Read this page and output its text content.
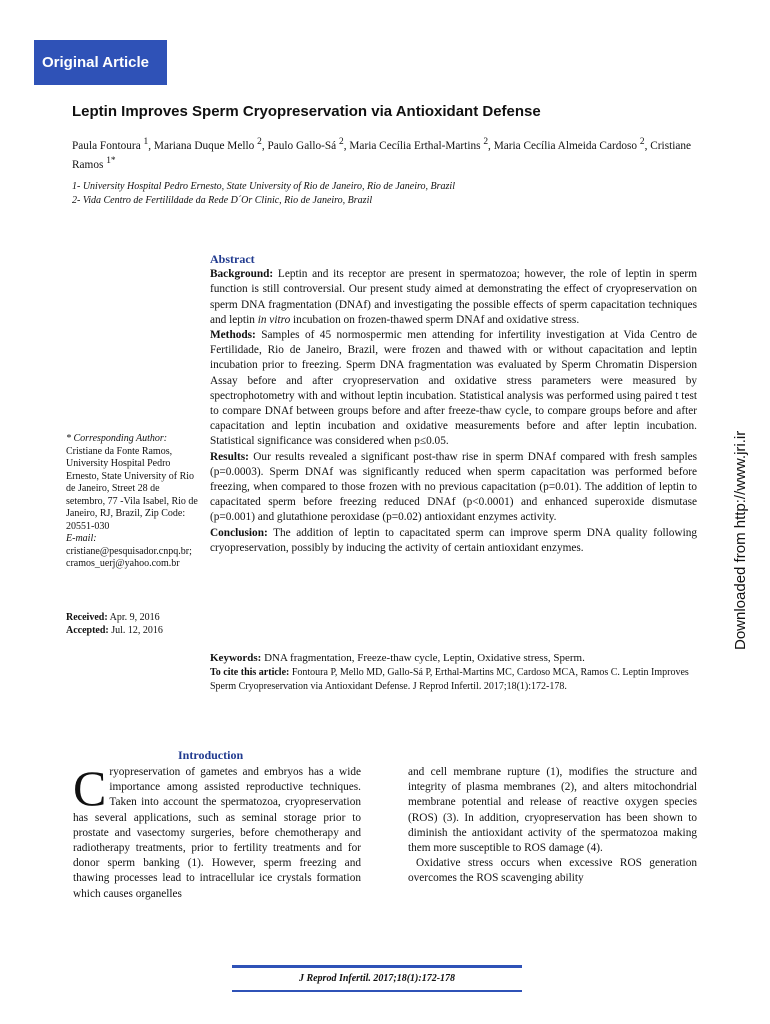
Original Article
Leptin Improves Sperm Cryopreservation via Antioxidant Defense
Paula Fontoura $^1$, Mariana Duque Mello $^2$, Paulo Gallo-Sá $^2$, Maria Cecília Erthal-Martins $^2$, Maria Cecília Almeida Cardoso $^2$, Cristiane Ramos $^{1*}$
1- University Hospital Pedro Ernesto, State University of Rio de Janeiro, Rio de Janeiro, Brazil
2- Vida Centro de Fertilildade da Rede D´Or Clinic, Rio de Janeiro, Brazil
Downloaded from http://www.jri.ir
Abstract

Background: Leptin and its receptor are present in spermatozoa; however, the role of leptin in sperm function is still controversial. Our present study aimed at demonstrating the effect of cryopreservation on sperm DNA fragmentation (DNAf) and investigating the possible effects of sperm capacitation techniques and leptin in vitro incubation on frozen-thawed sperm DNAf and oxidative stress.

Methods: Samples of 45 normospermic men attending for infertility investigation at Vida Centro de Fertilidade, Rio de Janeiro, Brazil, were frozen and thawed with or without capacitation and leptin incubation prior to freezing. Sperm DNA fragmentation was evaluated by Sperm Chromatin Dispersion Assay before and after cryopreservation and oxidative stress parameters were measured by spectrophotometry with and without leptin incubation. Statistical analysis was performed using paired t test to compare DNAf between groups before and after freeze-thaw cycle, to compare groups before and after capacitation and leptin incubation and oxidative measurements before and after leptin incubation. Statistical significance was considered when p≤0.05.

Results: Our results revealed a significant post-thaw rise in sperm DNAf compared with fresh samples (p=0.0003). Sperm DNAf was significantly reduced when sperm capacitation was performed before freezing, when compared to those frozen with no previous capacitation (p=0.01). The addition of leptin to capacitated sperm before freezing reduced DNAf (p<0.0001) and enhanced superoxide dismutase (p=0.001) and glutathione peroxidase (p=0.02) antioxidant enzymes activity.

Conclusion: The addition of leptin to capacitated sperm can improve sperm DNA quality following cryopreservation, possibly by inducing the activity of certain antioxidant enzymes.

* Corresponding Author:
Cristiane da Fonte Ramos, University Hospital Pedro Ernesto, State University of Rio de Janeiro, Street 28 de setembro, 77 -Vila Isabel, Rio de Janeiro, RJ, Brazil, Zip Code: 20551-030
E-mail:
cristiane@pesquisador.cnpq.br; cramos_uerj@yahoo.com.br
Received: Apr. 9, 2016
Accepted: Jul. 12, 2016
Keywords: DNA fragmentation, Freeze-thaw cycle, Leptin, Oxidative stress, Sperm.
To cite this article: Fontoura P, Mello MD, Gallo-Sá P, Erthal-Martins MC, Cardoso MCA, Ramos C. Leptin Improves Sperm Cryopreservation via Antioxidant Defense. J Reprod Infertil. 2017;18(1):172-178.
Introduction

Cryopreservation of gametes and embryos has a wide importance among assisted reproductive techniques. Taken into account the spermatozoa, cryopreservation has several applications, such as seminal storage prior to prostate and vasectomy surgeries, before chemotherapy and radiotherapy treatments, prior to fertility treatments and for donor sperm banking (1). However, sperm freezing and thawing processes lead to intracellular ice crystals formation which causes organelles

and cell membrane rupture (1), modifies the structure and integrity of plasma membranes (2), and alters mitochondrial membrane potential and release of reactive oxygen species (ROS) (3). In addition, cryopreservation has been shown to diminish the antioxidant activity of the spermatozoa making them more susceptible to ROS damage (4).

Oxidative stress occurs when excessive ROS generation overcomes the ROS scavenging ability

J Reprod Infertil. 2017;18(1):172-178
